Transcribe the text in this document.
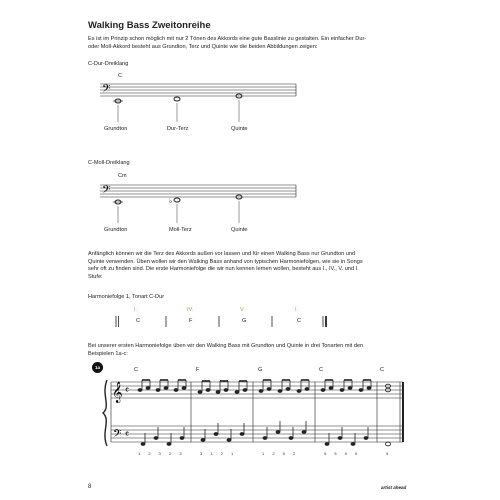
Walking Bass Zweitonreihe
Es ist im Prinzip schon möglich mit nur 2 Tönen des Akkords eine gute Basslinie zu gestalten. Ein einfacher Dur-
oder Moll-Akkord besteht aus Grundton, Terz und Quinte wie die beiden Abbildungen zeigen:
C-Dur-Dreiklang
C
𝄢
Grundton	Dur-Terz	Quinte
C-Moll-Dreiklang
Cm
𝄢
♭
Grundton	Moll-Terz	Quinte
Anfänglich können wir die Terz des Akkords außen vor lassen und für einen Walking Bass nur Grundton und
Quinte verwenden. Üben wollen wir den Walking Bass anhand von typischen Harmoniefolgen, wie sie in Songs
sehr oft zu finden sind. Die erste Harmoniefolge die wir nun kennen lernen wollen, besteht aus I., IV., V. und I.
Stufe:
Harmoniefolge 1, Tonart C-Dur
I.	IV.	V.	I.
C	F	G	C
Bei unserer ersten Harmoniefolge üben wir den Walking Bass mit Grundton und Quinte in drei Tonarten mit den
Beispielen 1a-c:
1a	C	F	G	C	C
𝄞
𝄢
𝄴
𝄴
1 2 3 2 3	3 1 2 1	1 2 5 2	5 5 5 5	5
8	artist ahead
